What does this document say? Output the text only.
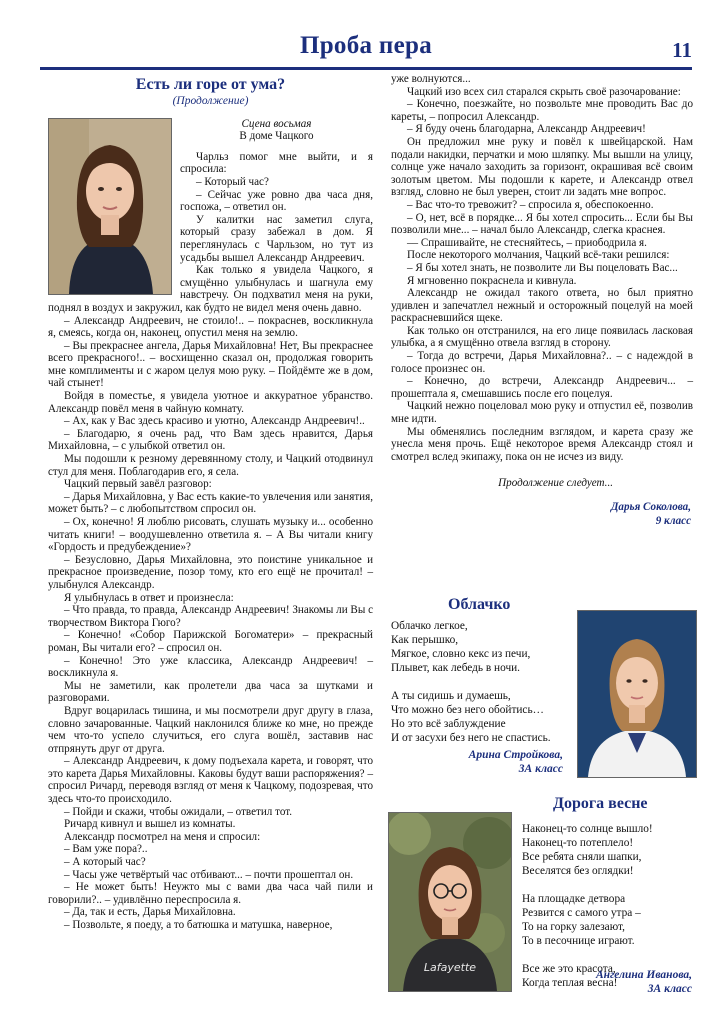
Проба пера	11
Есть ли горе от ума?
(Продолжение)
Сцена восьмая
В доме Чацкого

Чарльз помог мне выйти, и я спросила:

– Который час?

– Сейчас уже ровно два часа дня, госпожа, – ответил он.

У калитки нас заметил слуга, который сразу забежал в дом. Я переглянулась с Чарльзом, но тут из усадьбы вышел Александр Андреевич.

Как только я увидела Чацкого, я смущённо улыбнулась и шагнула ему навстречу. Он подхватил меня на руки, поднял в воздух и закружил, как будто не видел меня очень давно.

– Александр Андреевич, не стоило!.. – покраснев, воскликнула я, смеясь, когда он, наконец, опустил меня на землю.

– Вы прекраснее ангела, Дарья Михайловна! Нет, Вы прекраснее всего прекрасного!.. – восхищенно сказал он, продолжая говорить мне комплименты и с жаром целуя мою руку. – Пойдёмте же в дом, чай стынет!

Войдя в поместье, я увидела уютное и аккуратное убранство. Александр повёл меня в чайную комнату.

– Ах, как у Вас здесь красиво и уютно, Александр Андреевич!..

– Благодарю, я очень рад, что Вам здесь нравится, Дарья Михайловна, – с улыбкой ответил он.

Мы подошли к резному деревянному столу, и Чацкий отодвинул стул для меня. Поблагодарив его, я села.

Чацкий первый завёл разговор:

– Дарья Михайловна, у Вас есть какие-то увлечения или занятия, может быть? – с любопытством спросил он.

– Ох, конечно! Я люблю рисовать, слушать музыку и... особенно читать книги! – воодушевленно ответила я. – А Вы читали книгу «Гордость и предубеждение»?

– Безусловно, Дарья Михайловна, это поистине уникальное и прекрасное произведение, позор тому, кто его ещё не прочитал! – улыбнулся Александр.

Я улыбнулась в ответ и произнесла:

– Что правда, то правда, Александр Андреевич! Знакомы ли Вы с творчеством Виктора Гюго?

– Конечно! «Собор Парижской Богоматери» – прекрасный роман, Вы читали его? – спросил он.

– Конечно! Это уже классика, Александр Андреевич! – воскликнула я.

Мы не заметили, как пролетели два часа за шутками и разговорами.

Вдруг воцарилась тишина, и мы посмотрели друг другу в глаза, словно зачарованные. Чацкий наклонился ближе ко мне, но прежде чем что-то успело случиться, его слуга вошёл, заставив нас отпрянуть друг от друга.

– Александр Андреевич, к дому подъехала карета, и говорят, что это карета Дарья Михайловны. Каковы будут ваши распоряжения? – спросил Ричард, переводя взгляд от меня к Чацкому, подозревая, что здесь что-то происходило.

– Пойди и скажи, чтобы ожидали, – ответил тот.

Ричард кивнул и вышел из комнаты.

Александр посмотрел на меня и спросил:

– Вам уже пора?..

– А который час?

– Часы уже четвёртый час отбивают... – почти прошептал он.

– Не может быть! Неужто мы с вами два часа чай пили и говорили?.. – удивлённо переспросила я.

– Да, так и есть, Дарья Михайловна.

– Позвольте, я поеду, а то батюшка и матушка, наверное,

уже волнуются...

Чацкий изо всех сил старался скрыть своё разочарование:

– Конечно, поезжайте, но позвольте мне проводить Вас до кареты, – попросил Александр.

– Я буду очень благодарна, Александр Андреевич!

Он предложил мне руку и повёл к швейцарской. Нам подали накидки, перчатки и мою шляпку. Мы вышли на улицу, солнце уже начало заходить за горизонт, окрашивая всё своим золотым цветом. Мы подошли к карете, и Александр отвел взгляд, словно не был уверен, стоит ли задать мне вопрос.

– Вас что-то тревожит? – спросила я, обеспокоенно.

– О, нет, всё в порядке... Я бы хотел спросить... Если бы Вы позволили мне... – начал было Александр, слегка краснея.

–– Спрашивайте, не стесняйтесь, – приободрила я.

После некоторого молчания, Чацкий всё-таки решился:

– Я бы хотел знать, не позволите ли Вы поцеловать Вас...

Я мгновенно покраснела и кивнула.

Александр не ожидал такого ответа, но был приятно удивлен и запечатлел нежный и осторожный поцелуй на моей раскрасневшийся щеке.

Как только он отстранился, на его лице появилась ласковая улыбка, а я смущённо отвела взгляд в сторону.

– Тогда до встречи, Дарья Михайловна?.. – с надеждой в голосе произнес он.

– Конечно, до встречи, Александр Андреевич... – прошептала я, смешавшись после его поцелуя.

Чацкий нежно поцеловал мою руку и отпустил её, позволив мне идти.

Мы обменялись последним взглядом, и карета сразу же унесла меня прочь. Ещё некоторое время Александр стоял и смотрел вслед экипажу, пока он не исчез из виду.

Продолжение следует...
Дарья Соколова,
9 класс
Облачко
Облачко легкое,
Как перышко,
Мягкое, словно кекс из печи,
Плывет, как лебедь в ночи.
А ты сидишь и думаешь,
Что можно без него обойтись…
Но это всё заблуждение
И от засухи без него не спастись.
Арина Стройкова,
3А класс
Дорога весне
Lafayette
Наконец-то солнце вышло!
Наконец-то потеплело!
Все ребята сняли шапки,
Веселятся без оглядки!
На площадке детвора
Резвится с самого утра –
То на горку залезают,
То в песочнице играют.
Все же это красота,
Когда теплая весна!
Ангелина Иванова,
3А класс
